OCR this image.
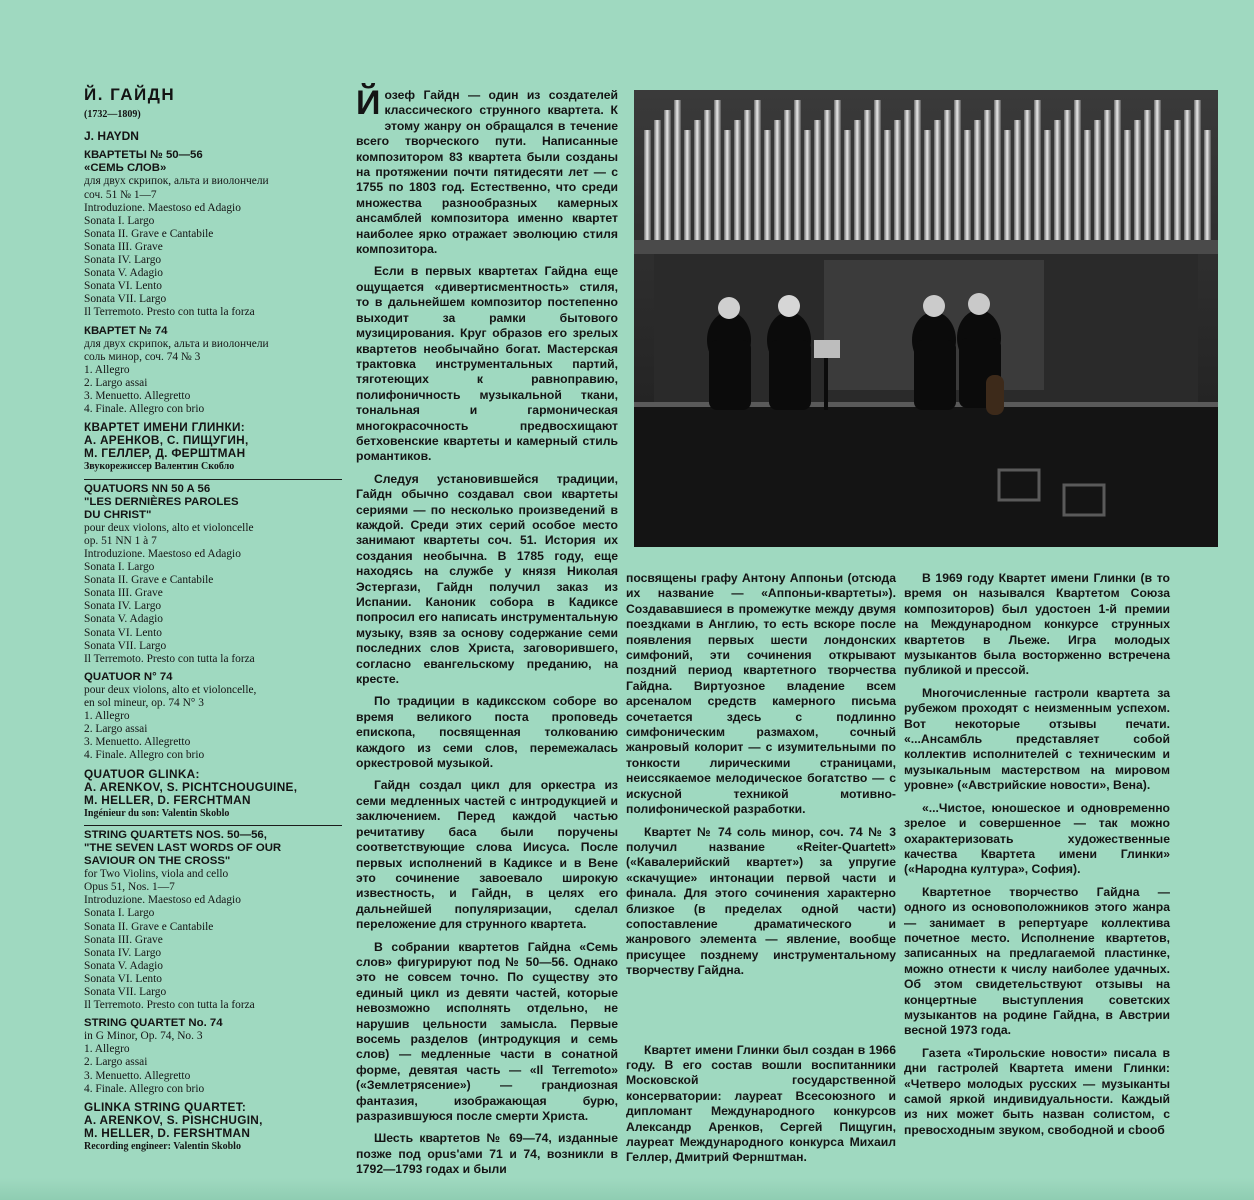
Й. ГАЙДН
(1732—1809)
J. HAYDN
КВАРТЕТЫ № 50—56
«СЕМЬ СЛОВ»
для двух скрипок, альта и виолончели
соч. 51 № 1—7
Introduzione. Maestoso ed Adagio
Sonata I. Largo
Sonata II. Grave e Cantabile
Sonata III. Grave
Sonata IV. Largo
Sonata V. Adagio
Sonata VI. Lento
Sonata VII. Largo
Il Terremoto. Presto con tutta la forza
КВАРТЕТ № 74
для двух скрипок, альта и виолончели
соль минор, соч. 74 № 3
1. Allegro
2. Largo assai
3. Menuetto. Allegretto
4. Finale. Allegro con brio
КВАРТЕТ ИМЕНИ ГЛИНКИ:
А. АРЕНКОВ, С. ПИЩУГИН,
М. ГЕЛЛЕР, Д. ФЕРШТМАН
Звукорежиссер Валентин Скобло
QUATUORS NN 50 A 56
"LES DERNIÈRES PAROLES
DU CHRIST"
pour deux violons, alto et violoncelle
op. 51 NN 1 à 7
Introduzione. Maestoso ed Adagio
Sonata I. Largo
Sonata II. Grave e Cantabile
Sonata III. Grave
Sonata IV. Largo
Sonata V. Adagio
Sonata VI. Lento
Sonata VII. Largo
Il Terremoto. Presto con tutta la forza
QUATUOR N° 74
pour deux violons, alto et violoncelle,
en sol mineur, op. 74 N° 3
1. Allegro
2. Largo assai
3. Menuetto. Allegretto
4. Finale. Allegro con brio
QUATUOR GLINKA:
A. ARENKOV, S. PICHTCHOUGUINE,
M. HELLER, D. FERCHTMAN
Ingénieur du son: Valentin Skoblo
STRING QUARTETS NOS. 50—56,
"THE SEVEN LAST WORDS OF OUR
SAVIOUR ON THE CROSS"
for Two Violins, viola and cello
Opus 51, Nos. 1—7
Introduzione. Maestoso ed Adagio
Sonata I. Largo
Sonata II. Grave e Cantabile
Sonata III. Grave
Sonata IV. Largo
Sonata V. Adagio
Sonata VI. Lento
Sonata VII. Largo
Il Terremoto. Presto con tutta la forza
STRING QUARTET No. 74
in G Minor, Op. 74, No. 3
1. Allegro
2. Largo assai
3. Menuetto. Allegretto
4. Finale. Allegro con brio
GLINKA STRING QUARTET:
A. ARENKOV, S. PISHCHUGIN,
M. HELLER, D. FERSHTMAN
Recording engineer: Valentin Skoblo

Йозеф Гайдн — один из создателей классического струнного квартета. К этому жанру он обращался в течение всего творческого пути. Написанные композитором 83 квартета были созданы на протяжении почти пятидесяти лет — с 1755 по 1803 год. Естественно, что среди множества разнообразных камерных ансамблей композитора именно квартет наиболее ярко отражает эволюцию стиля композитора.

Если в первых квартетах Гайдна еще ощущается «дивертисментность» стиля, то в дальнейшем композитор постепенно выходит за рамки бытового музицирования. Круг образов его зрелых квартетов необычайно богат. Мастерская трактовка инструментальных партий, тяготеющих к равноправию, полифоничность музыкальной ткани, тональная и гармоническая многокрасочность предвосхищают бетховенские квартеты и камерный стиль романтиков.

Следуя установившейся традиции, Гайдн обычно создавал свои квартеты сериями — по несколько произведений в каждой. Среди этих серий особое место занимают квартеты соч. 51. История их создания необычна. В 1785 году, еще находясь на службе у князя Николая Эстергази, Гайдн получил заказ из Испании. Каноник собора в Кадиксе попросил его написать инструментальную музыку, взяв за основу содержание семи последних слов Христа, заговорившего, согласно евангельскому преданию, на кресте.

По традиции в кадиксском соборе во время великого поста проповедь епископа, посвященная толкованию каждого из семи слов, перемежалась оркестровой музыкой.

Гайдн создал цикл для оркестра из семи медленных частей с интродукцией и заключением. Перед каждой частью речитативу баса были поручены соответствующие слова Иисуса. После первых исполнений в Кадиксе и в Вене это сочинение завоевало широкую известность, и Гайдн, в целях его дальнейшей популяризации, сделал переложение для струнного квартета.

В собрании квартетов Гайдна «Семь слов» фигурируют под № 50—56. Однако это не совсем точно. По существу это единый цикл из девяти частей, которые невозможно исполнять отдельно, не нарушив цельности замысла. Первые восемь разделов (интродукция и семь слов) — медленные части в сонатной форме, девятая часть — «Il Terremoto» («Землетрясение») — грандиозная фантазия, изображающая бурю, разразившуюся после смерти Христа.

Шесть квартетов № 69—74, изданные позже под opus'ами 71 и 74, возникли в 1792—1793 годах и были

посвящены графу Антону Аппоньи (отсюда их название — «Аппоньи-квартеты»). Создававшиеся в промежутке между двумя поездками в Англию, то есть вскоре после появления первых шести лондонских симфоний, эти сочинения открывают поздний период квартетного творчества Гайдна. Виртуозное владение всем арсеналом средств камерного письма сочетается здесь с подлинно симфоническим размахом, сочный жанровый колорит — с изумительными по тонкости лирическими страницами, неиссякаемое мелодическое богатство — с искусной техникой мотивно-полифонической разработки.

Квартет № 74 соль минор, соч. 74 № 3 получил название «Reiter-Quartett» («Кавалерийский квартет») за упругие «скачущие» интонации первой части и финала. Для этого сочинения характерно близкое (в пределах одной части) сопоставление драматического и жанрового элемента — явление, вообще присущее позднему инструментальному творчеству Гайдна.

Квартет имени Глинки был создан в 1966 году. В его состав вошли воспитанники Московской государственной консерватории: лауреат Всесоюзного и дипломант Международного конкурсов Александр Аренков, Сергей Пищугин, лауреат Международного конкурса Михаил Геллер, Дмитрий Фернштман.

В 1969 году Квартет имени Глинки (в то время он назывался Квартетом Союза композиторов) был удостоен 1-й премии на Международном конкурсе струнных квартетов в Льеже. Игра молодых музыкантов была восторженно встречена публикой и прессой.

Многочисленные гастроли квартета за рубежом проходят с неизменным успехом. Вот некоторые отзывы печати. «...Ансамбль представляет собой коллектив исполнителей с техническим и музыкальным мастерством на мировом уровне» («Австрийские новости», Вена).

«...Чистое, юношеское и одновременно зрелое и совершенное — так можно охарактеризовать художественные качества Квартета имени Глинки» («Народна култура», София).

Квартетное творчество Гайдна — одного из основоположников этого жанра — занимает в репертуаре коллектива почетное место. Исполнение квартетов, записанных на предлагаемой пластинке, можно отнести к числу наиболее удачных. Об этом свидетельствуют отзывы на концертные выступления советских музыкантов на родине Гайдна, в Австрии весной 1973 года.

Газета «Тирольские новости» писала в дни гастролей Квартета имени Глинки: «Четверо молодых русских — музыканты самой яркой индивидуальности. Каждый из них может быть назван солистом, с превосходным звуком, свободной и сbooб
